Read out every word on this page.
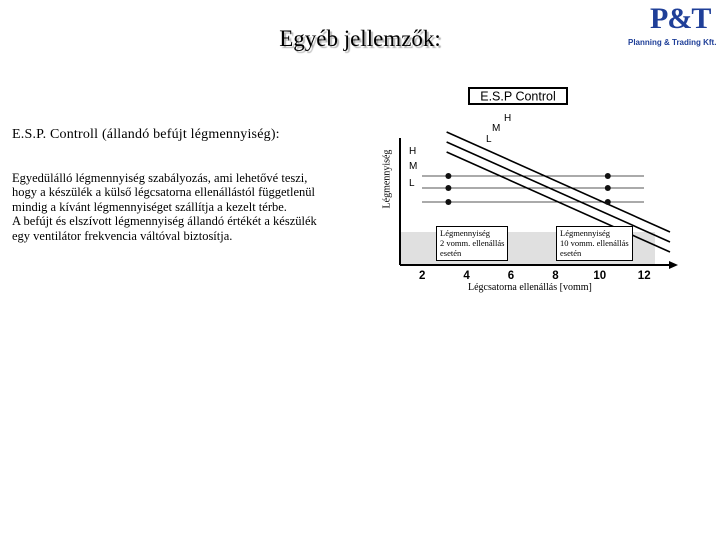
Egyéb jellemzők:
P&T
Planning & Trading Kft.
E.S.P. Controll (állandó befújt légmennyiség):
Egyedülálló légmennyiség szabályozás, ami lehetővé teszi,
hogy a készülék a külső légcsatorna ellenállástól függetlenül
mindig a kívánt légmennyiséget szállítja a kezelt térbe.
A befújt és elszívott légmennyiség állandó értékét a készülék
egy ventilátor frekvencia váltóval biztosítja.
Légmennyiség
E.S.P Control
H
M
L
H
M
L
2	4	6	8	10	12
Légmennyiség
2 vomm. ellenállás
esetén
Légmennyiség
10 vomm. ellenállás
esetén
Légcsatorna ellenállás [vomm]
